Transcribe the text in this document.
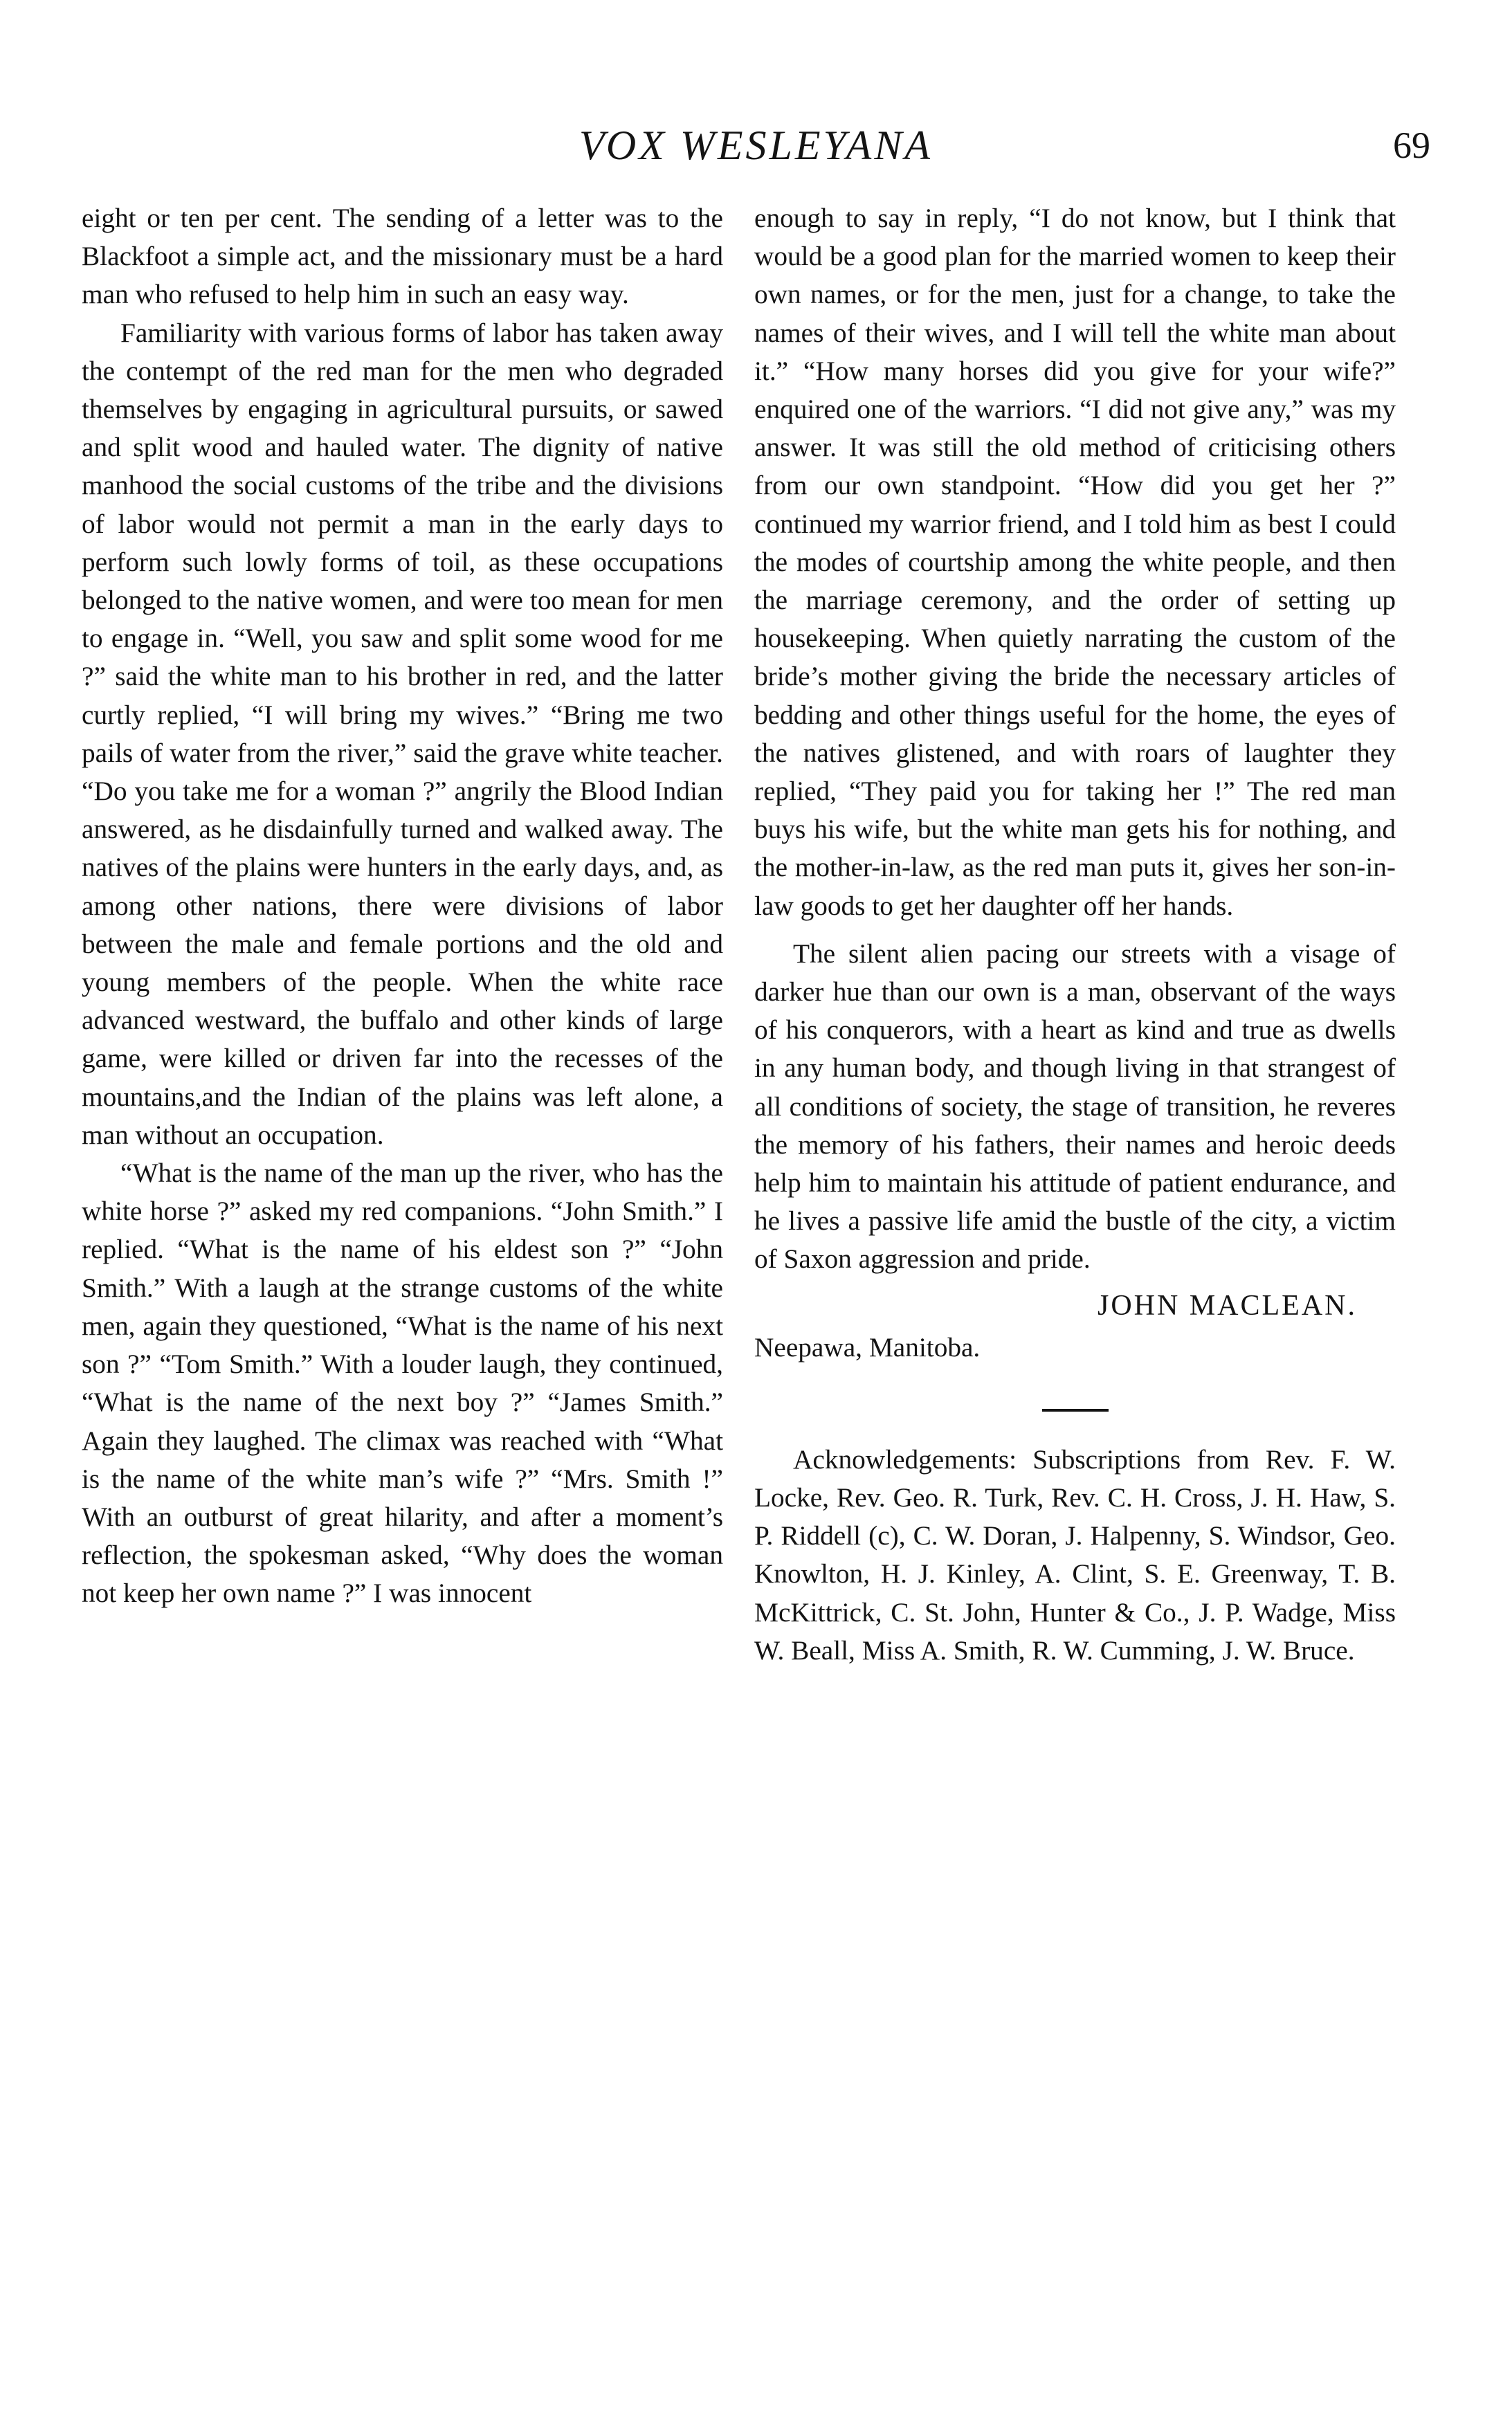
VOX WESLEYANA	69

eight or ten per cent. The sending of a letter was to the Blackfoot a simple act, and the missionary must be a hard man who refused to help him in such an easy way.

Familiarity with various forms of labor has taken away the contempt of the red man for the men who degraded themselves by engaging in agricultural pursuits, or sawed and split wood and hauled water. The dignity of native manhood the social customs of the tribe and the divisions of labor would not permit a man in the early days to perform such lowly forms of toil, as these occupations belonged to the native women, and were too mean for men to engage in. “Well, you saw and split some wood for me ?” said the white man to his brother in red, and the latter curtly replied, “I will bring my wives.” “Bring me two pails of water from the river,” said the grave white teacher. “Do you take me for a woman ?” angrily the Blood Indian answered, as he disdainfully turned and walked away. The natives of the plains were hunters in the early days, and, as among other nations, there were divisions of labor between the male and female portions and the old and young members of the people. When the white race advanced westward, the buffalo and other kinds of large game, were killed or driven far into the recesses of the mountains,and the Indian of the plains was left alone, a man without an occupation.

“What is the name of the man up the river, who has the white horse ?” asked my red companions. “John Smith.” I replied. “What is the name of his eldest son ?” “John Smith.” With a laugh at the strange customs of the white men, again they questioned, “What is the name of his next son ?” “Tom Smith.” With a louder laugh, they continued, “What is the name of the next boy ?” “James Smith.” Again they laughed. The climax was reached with “What is the name of the white man’s wife ?” “Mrs. Smith !” With an outburst of great hilarity, and after a moment’s reflection, the spokesman asked, “Why does the woman not keep her own name ?” I was innocent

enough to say in reply, “I do not know, but I think that would be a good plan for the married women to keep their own names, or for the men, just for a change, to take the names of their wives, and I will tell the white man about it.” “How many horses did you give for your wife?” enquired one of the warriors. “I did not give any,” was my answer. It was still the old method of criticising others from our own standpoint. “How did you get her ?” continued my warrior friend, and I told him as best I could the modes of courtship among the white people, and then the marriage ceremony, and the order of setting up housekeeping. When quietly narrating the custom of the bride’s mother giving the bride the necessary articles of bedding and other things useful for the home, the eyes of the natives glistened, and with roars of laughter they replied, “They paid you for taking her !” The red man buys his wife, but the white man gets his for nothing, and the mother-in-law, as the red man puts it, gives her son-in-law goods to get her daughter off her hands.

The silent alien pacing our streets with a visage of darker hue than our own is a man, observant of the ways of his conquerors, with a heart as kind and true as dwells in any human body, and though living in that strangest of all conditions of society, the stage of transition, he reveres the memory of his fathers, their names and heroic deeds help him to maintain his attitude of patient endurance, and he lives a passive life amid the bustle of the city, a victim of Saxon aggression and pride.

JOHN MACLEAN.

Neepawa, Manitoba.

Acknowledgements: Subscriptions from Rev. F. W. Locke, Rev. Geo. R. Turk, Rev. C. H. Cross, J. H. Haw, S. P. Riddell (c), C. W. Doran, J. Halpenny, S. Windsor, Geo. Knowlton, H. J. Kinley, A. Clint, S. E. Greenway, T. B. McKittrick, C. St. John, Hunter & Co., J. P. Wadge, Miss W. Beall, Miss A. Smith, R. W. Cumming, J. W. Bruce.
